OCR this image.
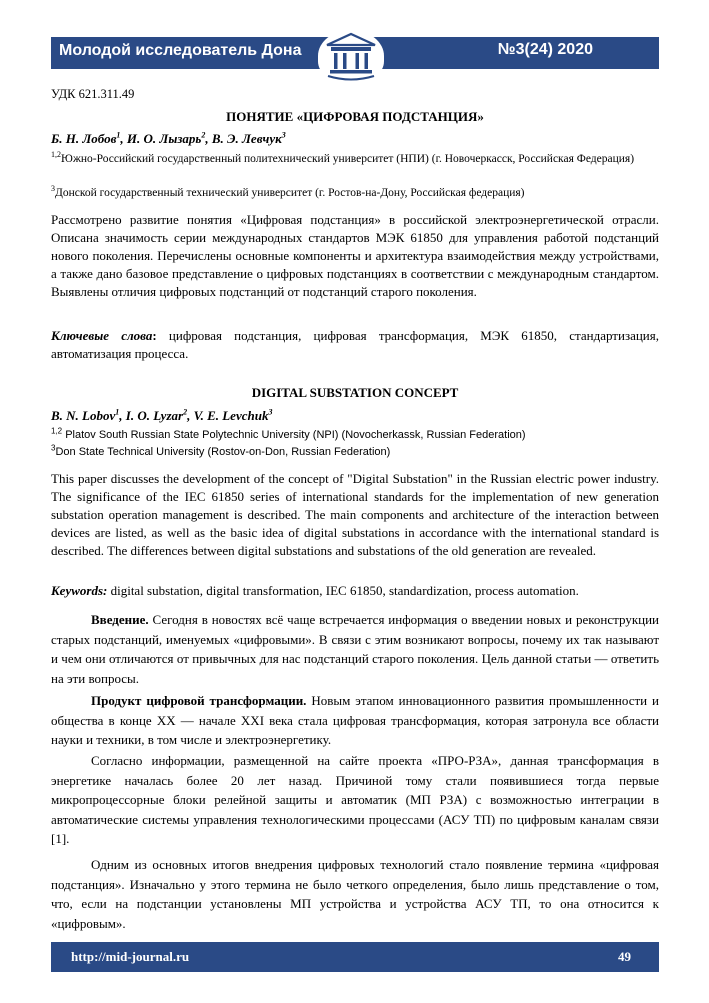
Молодой исследователь Дона	№3(24) 2020
УДК 621.311.49
ПОНЯТИЕ «ЦИФРОВАЯ ПОДСТАНЦИЯ»
Б. Н. Лобов$^1$, И. О. Лызарь$^2$, В. Э. Левчук$^3$
$^{1,2}$Южно-Российский государственный политехнический университет (НПИ) (г. Новочеркасск, Российская Федерация)
$^3$Донской государственный технический университет (г. Ростов-на-Дону, Российская федерация)
Рассмотрено развитие понятия «Цифровая подстанция» в российской электроэнергетической отрасли. Описана значимость серии международных стандартов МЭК 61850 для управления работой подстанций нового поколения. Перечислены основные компоненты и архитектура взаимодействия между устройствами, а также дано базовое представление о цифровых подстанциях в соответствии с международным стандартом. Выявлены отличия цифровых подстанций от подстанций старого поколения.
Ключевые слова: цифровая подстанция, цифровая трансформация, МЭК 61850, стандартизация, автоматизация процесса.
DIGITAL SUBSTATION CONCEPT
B. N. Lobov$^1$, I. O. Lyzar$^2$, V. E. Levchuk$^3$
$^{1,2}$ Platov South Russian State Polytechnic University (NPI) (Novocherkassk, Russian Federation)
$^3$Don State Technical University (Rostov-on-Don, Russian Federation)
This paper discusses the development of the concept of "Digital Substation" in the Russian electric power industry. The significance of the IEC 61850 series of international standards for the implementation of new generation substation operation management is described. The main components and architecture of the interaction between devices are listed, as well as the basic idea of digital substations in accordance with the international standard is described. The differences between digital substations and substations of the old generation are revealed.
Keywords: digital substation, digital transformation, IEC 61850, standardization, process automation.
Введение. Сегодня в новостях всё чаще встречается информация о введении новых и реконструкции старых подстанций, именуемых «цифровыми». В связи с этим возникают вопросы, почему их так называют и чем они отличаются от привычных для нас подстанций старого поколения. Цель данной статьи — ответить на эти вопросы.
Продукт цифровой трансформации. Новым этапом инновационного развития промышленности и общества в конце XX — начале XXI века стала цифровая трансформация, которая затронула все области науки и техники, в том числе и электроэнергетику.
Согласно информации, размещенной на сайте проекта «ПРО-РЗА», данная трансформация в энергетике началась более 20 лет назад. Причиной тому стали появившиеся тогда первые микропроцессорные блоки релейной защиты и автоматик (МП РЗА) с возможностью интеграции в автоматические системы управления технологическими процессами (АСУ ТП) по цифровым каналам связи [1].
Одним из основных итогов внедрения цифровых технологий стало появление термина «цифровая подстанция». Изначально у этого термина не было четкого определения, было лишь представление о том, что, если на подстанции установлены МП устройства и устройства АСУ ТП, то она относится к «цифровым».
http://mid-journal.ru	49
